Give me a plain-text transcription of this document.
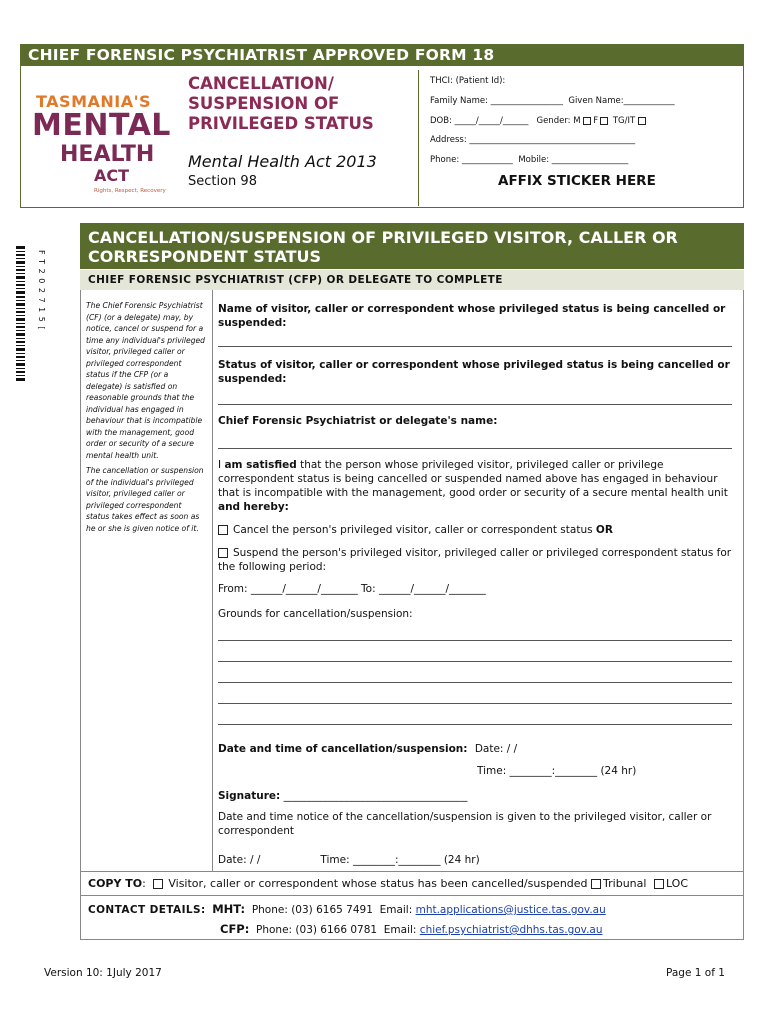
CHIEF FORENSIC PSYCHIATRIST APPROVED FORM 18
TASMANIA'S
MENTAL
HEALTH
ACT
Rights, Respect, Recovery
CANCELLATION/
SUSPENSION OF
PRIVILEGED STATUS
Mental Health Act 2013
Section 98
THCI: (Patient Id):
Family Name: _________________ Given Name:____________
DOB: _____/_____/______ Gender: M F TG/IT
Address: _______________________________________
Phone: ____________ Mobile: __________________
AFFIX STICKER HERE
F T 2 0 2 7 1 5 [
CANCELLATION/SUSPENSION OF PRIVILEGED VISITOR, CALLER OR
CORRESPONDENT STATUS
CHIEF FORENSIC PSYCHIATRIST (CFP) OR DELEGATE TO COMPLETE
The Chief Forensic Psychiatrist (CF) (or a delegate) may, by notice, cancel or suspend for a time any individual's privileged visitor, privileged caller or privileged correspondent status if the CFP (or a delegate) is satisfied on reasonable grounds that the individual has engaged in behaviour that is incompatible with the management, good order or security of a secure mental health unit.
The cancellation or suspension of the individual's privileged visitor, privileged caller or privileged correspondent status takes effect as soon as he or she is given notice of it.
Name of visitor, caller or correspondent whose privileged status is being cancelled or suspended:
Status of visitor, caller or correspondent whose privileged status is being cancelled or suspended:
Chief Forensic Psychiatrist or delegate's name:
I am satisfied that the person whose privileged visitor, privileged caller or privilege correspondent status is being cancelled or suspended named above has engaged in behaviour that is incompatible with the management, good order or security of a secure mental health unit and hereby:
Cancel the person's privileged visitor, caller or correspondent status OR
Suspend the person's privileged visitor, privileged caller or privileged correspondent status for the following period:
From: ______/______/_______ To: ______/______/_______
Grounds for cancellation/suspension:
Date and time of cancellation/suspension: Date: / /
Time: ________:________ (24 hr)
Signature: ___________________________________
Date and time notice of the cancellation/suspension is given to the privileged visitor, caller or correspondent
Date: / /	Time: ________:________ (24 hr)
COPY TO: Visitor, caller or correspondent whose status has been cancelled/suspended Tribunal LOC
CONTACT DETAILS: MHT: Phone: (03) 6165 7491 Email: mht.applications@justice.tas.gov.au
CFP: Phone: (03) 6166 0781 Email: chief.psychiatrist@dhhs.tas.gov.au
Version 10: 1July 2017	Page 1 of 1
